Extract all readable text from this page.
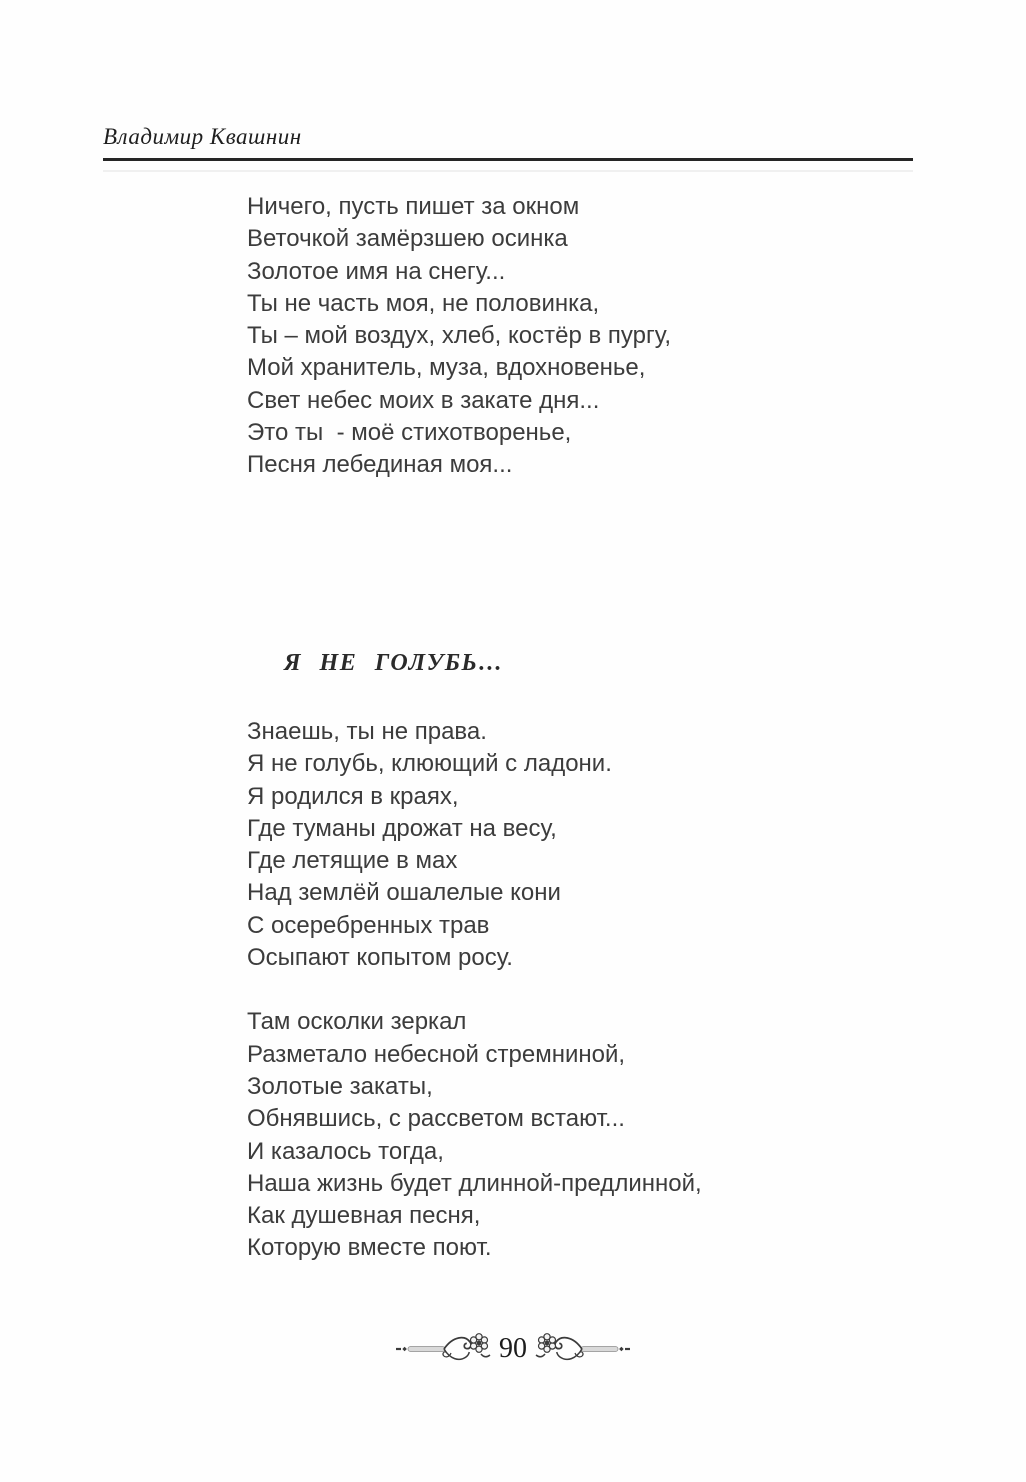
Владимир Квашнин
Ничего, пусть пишет за окном
Веточкой замёрзшею осинка
Золотое имя на снегу...
Ты не часть моя, не половинка,
Ты – мой воздух, хлеб, костёр в пургу,
Мой хранитель, муза, вдохновенье,
Свет небес моих в закате дня...
Это ты  - моё стихотворенье,
Песня лебединая моя...
Я НЕ ГОЛУБЬ…
Знаешь, ты не права.
Я не голубь, клюющий с ладони.
Я родился в краях,
Где туманы дрожат на весу,
Где летящие в мах
Над землёй ошалелые кони
С осеребренных трав
Осыпают копытом росу.
Там осколки зеркал
Разметало небесной стремниной,
Золотые закаты,
Обнявшись, с рассветом встают...
И казалось тогда,
Наша жизнь будет длинной-предлинной,
Как душевная песня,
Которую вместе поют.
90
